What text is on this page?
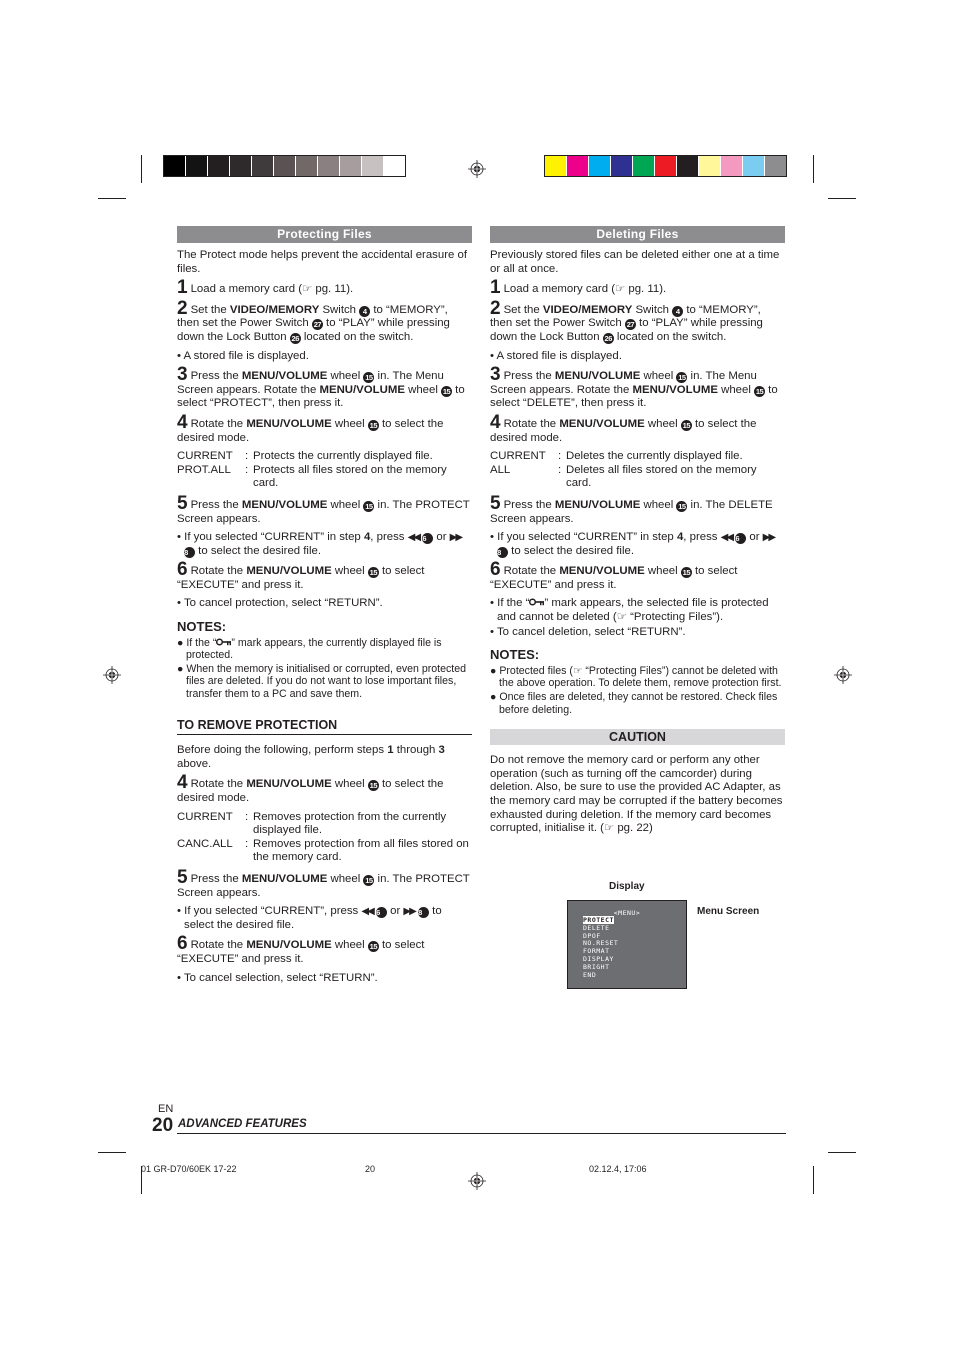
Protecting Files

The Protect mode helps prevent the accidental erasure of files.

1 Load a memory card (☞ pg. 11).
2 Set the VIDEO/MEMORY Switch 4 to “MEMORY”, then set the Power Switch 27 to “PLAY” while pressing down the Lock Button 26 located on the switch.
• A stored file is displayed.
3 Press the MENU/VOLUME wheel 15 in. The Menu Screen appears. Rotate the MENU/VOLUME wheel 15 to select “PROTECT”, then press it.
4 Rotate the MENU/VOLUME wheel 15 to select the desired mode.
CURRENT	: Protects the currently displayed file.
PROT.ALL	: Protects all files stored on the memory card.
5 Press the MENU/VOLUME wheel 15 in. The PROTECT Screen appears.
• If you selected “CURRENT” in step 4, press ◀◀ 6 or ▶▶ 8 to select the desired file.
6 Rotate the MENU/VOLUME wheel 15 to select “EXECUTE” and press it.
• To cancel protection, select “RETURN”.
NOTES:
● If the “ ” mark appears, the currently displayed file is protected.
● When the memory is initialised or corrupted, even protected files are deleted. If you do not want to lose important files, transfer them to a PC and save them.
TO REMOVE PROTECTION

Before doing the following, perform steps 1 through 3 above.

4 Rotate the MENU/VOLUME wheel 15 to select the desired mode.
CURRENT	: Removes protection from the currently displayed file.
CANC.ALL	: Removes protection from all files stored on the memory card.
5 Press the MENU/VOLUME wheel 15 in. The PROTECT Screen appears.
• If you selected “CURRENT”, press ◀◀ 6 or ▶▶ 8 to select the desired file.
6 Rotate the MENU/VOLUME wheel 15 to select “EXECUTE” and press it.
• To cancel selection, select “RETURN”.
Deleting Files

Previously stored files can be deleted either one at a time or all at once.

1 Load a memory card (☞ pg. 11).
2 Set the VIDEO/MEMORY Switch 4 to “MEMORY”, then set the Power Switch 27 to “PLAY” while pressing down the Lock Button 26 located on the switch.
• A stored file is displayed.
3 Press the MENU/VOLUME wheel 15 in. The Menu Screen appears. Rotate the MENU/VOLUME wheel 15 to select “DELETE”, then press it.
4 Rotate the MENU/VOLUME wheel 15 to select the desired mode.
CURRENT	: Deletes the currently displayed file.
ALL	: Deletes all files stored on the memory card.
5 Press the MENU/VOLUME wheel 15 in. The DELETE Screen appears.
• If you selected “CURRENT” in step 4, press ◀◀ 6 or ▶▶ 8 to select the desired file.
6 Rotate the MENU/VOLUME wheel 15 to select “EXECUTE” and press it.
• If the “ ” mark appears, the selected file is protected and cannot be deleted (☞ “Protecting Files”).
• To cancel deletion, select “RETURN”.
NOTES:
● Protected files (☞ “Protecting Files”) cannot be deleted with the above operation. To delete them, remove protection first.
● Once files are deleted, they cannot be restored. Check files before deleting.
CAUTION

Do not remove the memory card or perform any other operation (such as turning off the camcorder) during deletion. Also, be sure to use the provided AC Adapter, as the memory card may be corrupted if the battery becomes exhausted during deletion. If the memory card becomes corrupted, initialise it. (☞ pg. 22)

Display
Menu Screen
<MENU>
PROTECT
DELETE
DPOF
NO.RESET
FORMAT
DISPLAY
BRIGHT
END
EN
20 ADVANCED FEATURES
01 GR-D70/60EK 17-22	20	02.12.4, 17:06
